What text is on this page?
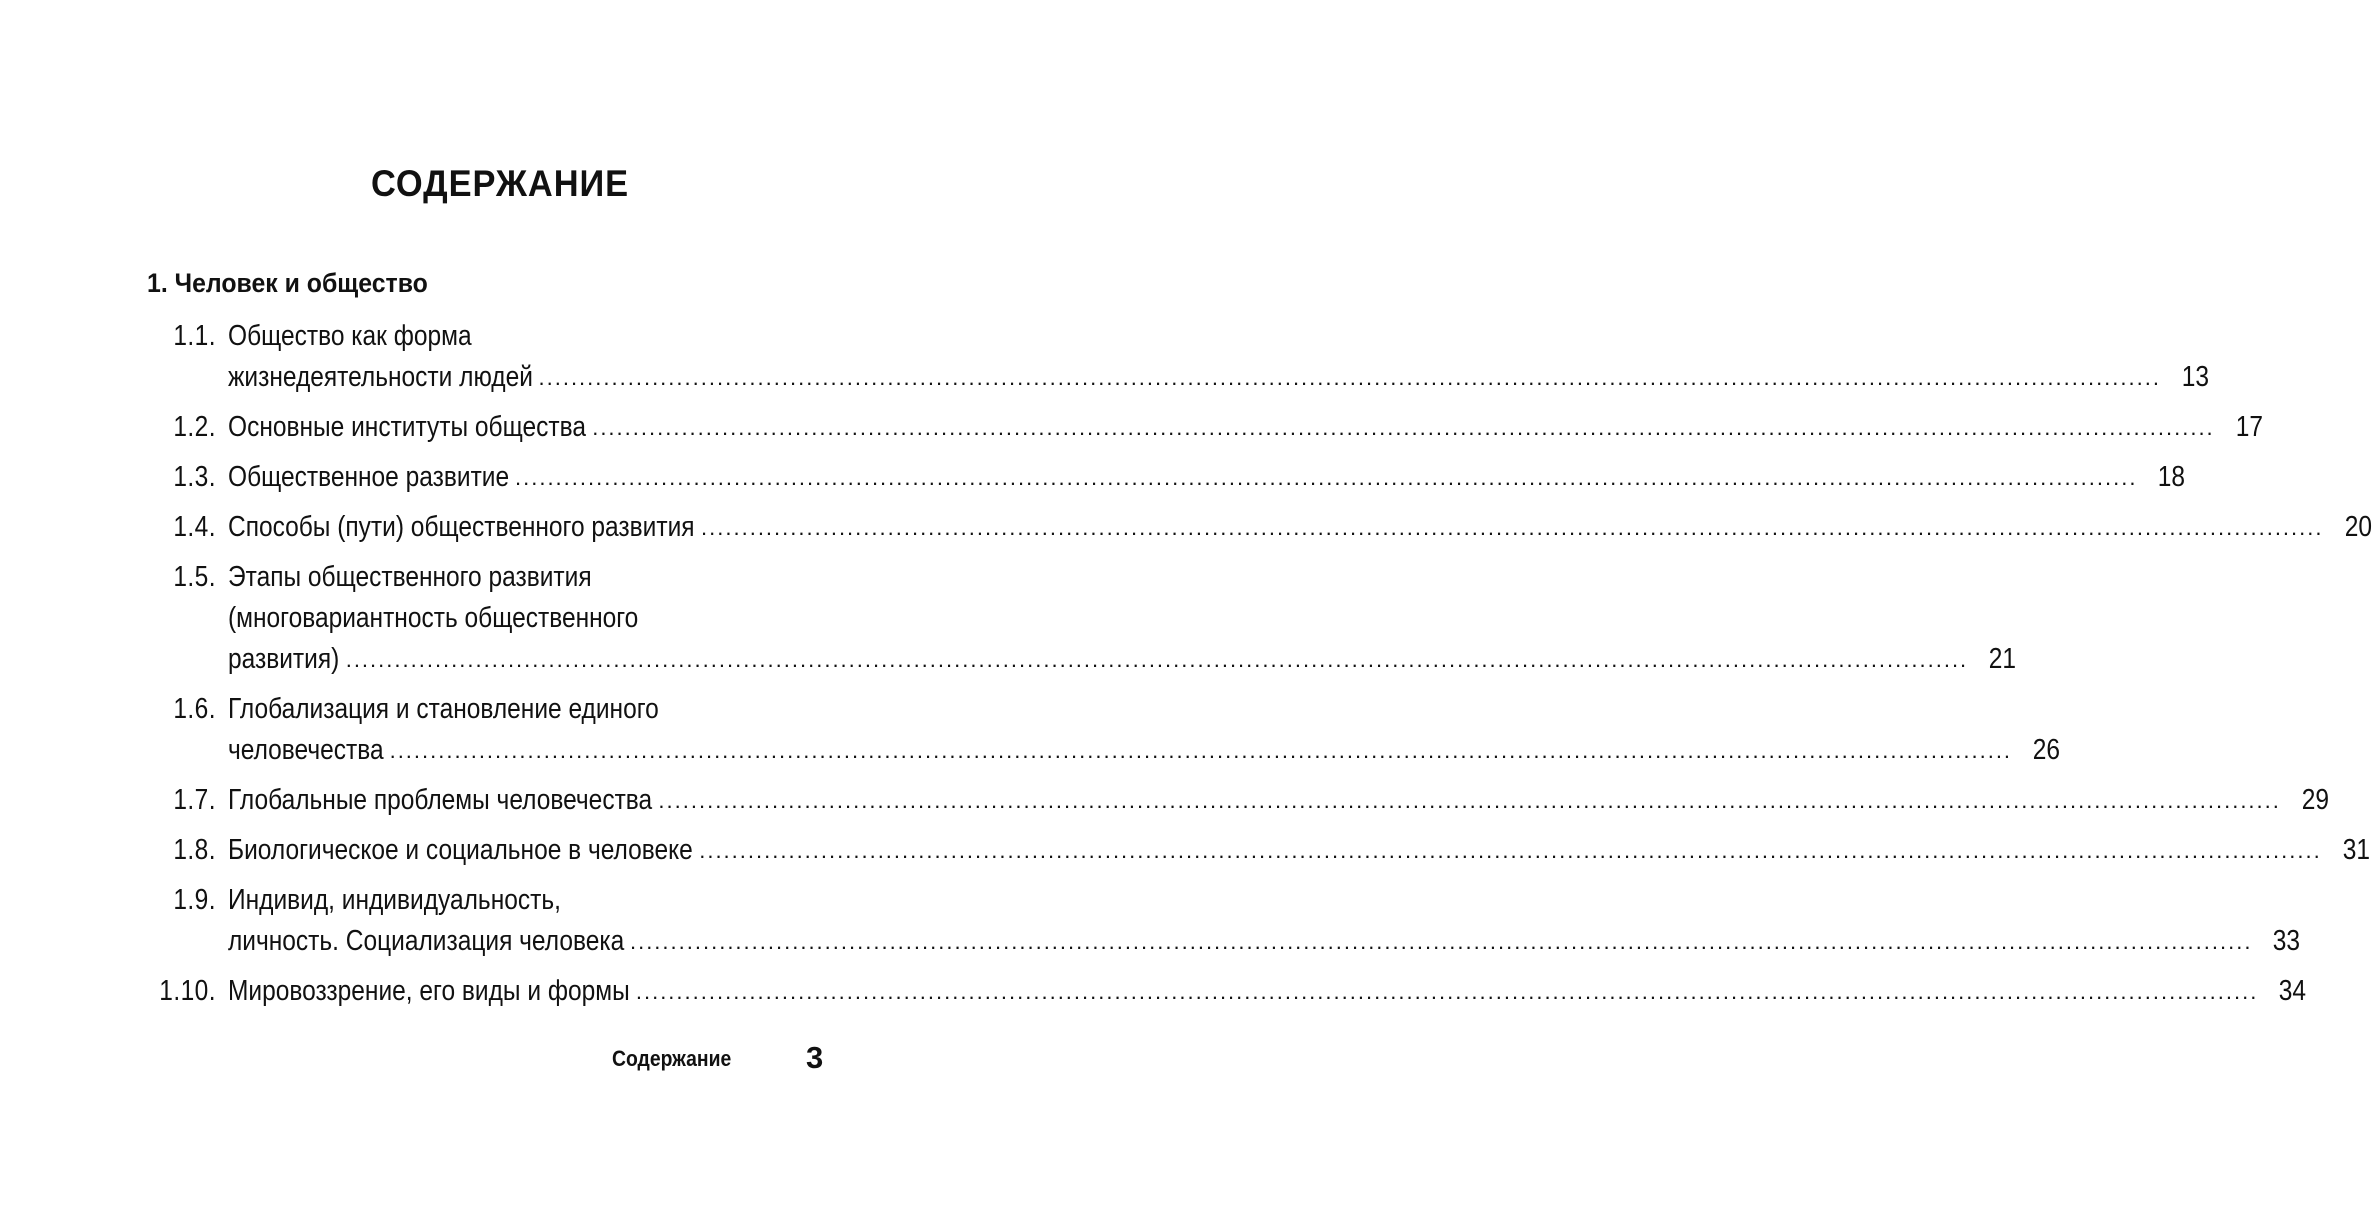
СОДЕРЖАНИЕ
1. Человек и общество
1.1. Общество как форма
жизнедеятельности людей ........................................................................................................................................................................................................ 13
1.2. Основные институты общества ........................................................................................................................................................................................................ 17
1.3. Общественное развитие ........................................................................................................................................................................................................ 18
1.4. Способы (пути) общественного развития ........................................................................................................................................................................................................ 20
1.5. Этапы общественного развития
(многовариантность общественного
развития) ........................................................................................................................................................................................................ 21
1.6. Глобализация и становление единого
человечества ........................................................................................................................................................................................................ 26
1.7. Глобальные проблемы человечества ........................................................................................................................................................................................................ 29
1.8. Биологическое и социальное в человеке ........................................................................................................................................................................................................ 31
1.9. Индивид, индивидуальность,
личность. Социализация человека ........................................................................................................................................................................................................ 33
1.10. Мировоззрение, его виды и формы ........................................................................................................................................................................................................ 34
Содержание 3
